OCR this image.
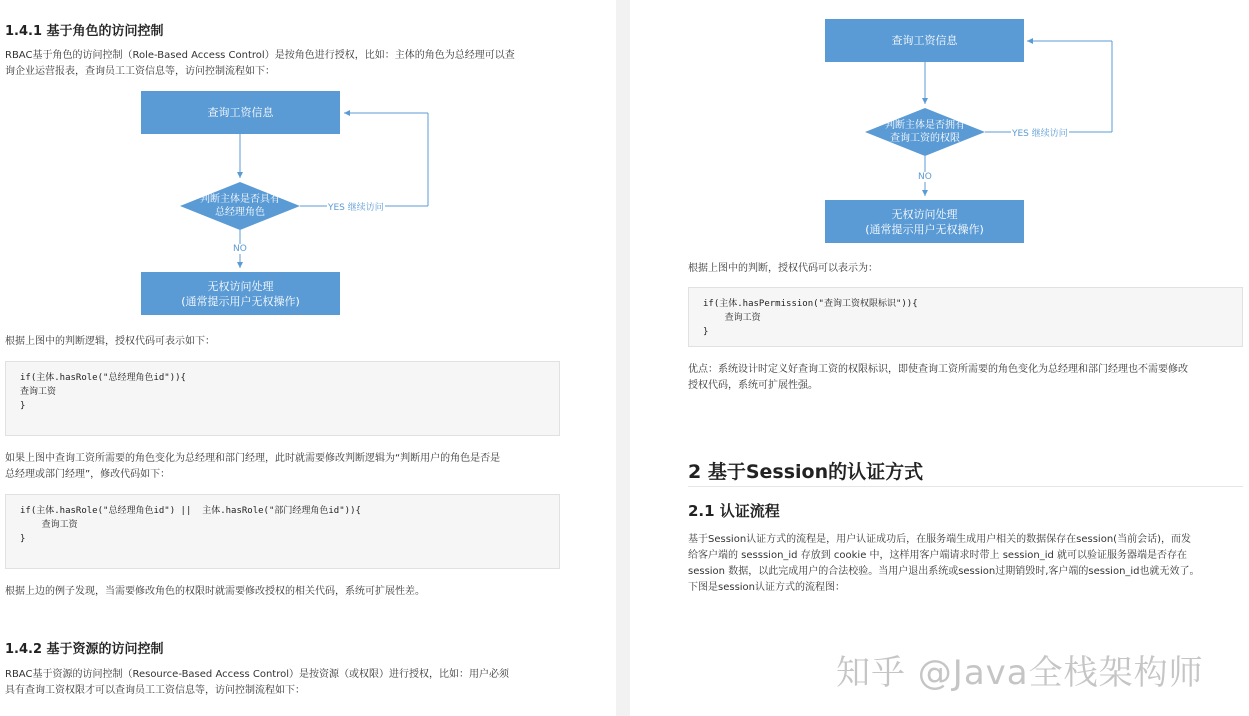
1.4.1 基于角色的访问控制

RBAC基于角色的访问控制（Role-Based Access Control）是按角色进行授权，比如：主体的角色为总经理可以查

询企业运营报表，查询员工工资信息等，访问控制流程如下：

查询工资信息
判断主体是否具有
总经理角色	YES 继续访问
NO
无权访问处理
(通常提示用户无权操作)

根据上图中的判断逻辑，授权代码可表示如下：

if(主体.hasRole("总经理角色id")){
查询工资
}

如果上图中查询工资所需要的角色变化为总经理和部门经理，此时就需要修改判断逻辑为“判断用户的角色是否是

总经理或部门经理”，修改代码如下：

if(主体.hasRole("总经理角色id") ||  主体.hasRole("部门经理角色id")){
查询工资
}

根据上边的例子发现，当需要修改角色的权限时就需要修改授权的相关代码，系统可扩展性差。

1.4.2 基于资源的访问控制

RBAC基于资源的访问控制（Resource-Based Access Control）是按资源（或权限）进行授权，比如：用户必须

具有查询工资权限才可以查询员工工资信息等，访问控制流程如下：

查询工资信息
判断主体是否拥有
查询工资的权限	YES 继续访问
NO
无权访问处理
(通常提示用户无权操作)

根据上图中的判断，授权代码可以表示为：

if(主体.hasPermission("查询工资权限标识")){
查询工资
}

优点：系统设计时定义好查询工资的权限标识，即使查询工资所需要的角色变化为总经理和部门经理也不需要修改

授权代码，系统可扩展性强。

2 基于Session的认证方式
2.1 认证流程

基于Session认证方式的流程是，用户认证成功后，在服务端生成用户相关的数据保存在session(当前会话)，而发

给客户端的 sesssion_id 存放到 cookie 中，这样用客户端请求时带上 session_id 就可以验证服务器端是否存在

session 数据，以此完成用户的合法校验。当用户退出系统或session过期销毁时,客户端的session_id也就无效了。

下图是session认证方式的流程图：

知乎 @Java全栈架构师
